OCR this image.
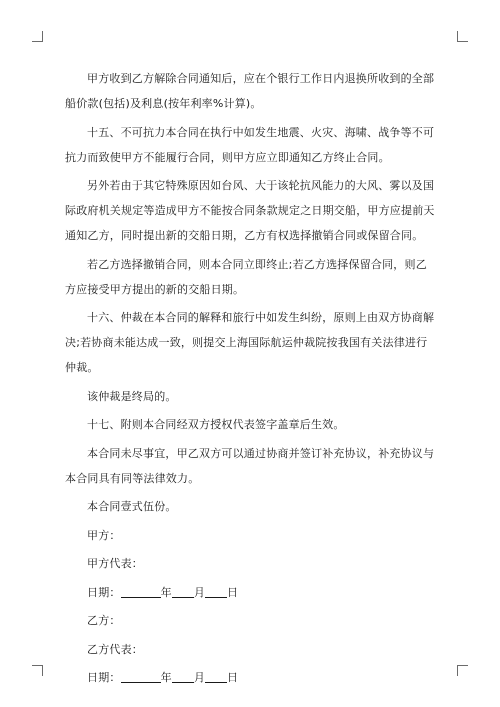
甲方收到乙方解除合同通知后，应在个银行工作日内退换所收到的全部船价款(包括)及利息(按年利率%计算)。

十五、不可抗力本合同在执行中如发生地震、火灾、海啸、战争等不可抗力而致使甲方不能履行合同，则甲方应立即通知乙方终止合同。

另外若由于其它特殊原因如台风、大于该轮抗风能力的大风、雾以及国际政府机关规定等造成甲方不能按合同条款规定之日期交船，甲方应提前天通知乙方，同时提出新的交船日期，乙方有权选择撤销合同或保留合同。

若乙方选择撤销合同，则本合同立即终止;若乙方选择保留合同，则乙方应接受甲方提出的新的交船日期。

十六、仲裁在本合同的解释和旅行中如发生纠纷，原则上由双方协商解决;若协商未能达成一致，则提交上海国际航运仲裁院按我国有关法律进行仲裁。

该仲裁是终局的。

十七、附则本合同经双方授权代表签字盖章后生效。

本合同未尽事宜，甲乙双方可以通过协商并签订补充协议，补充协议与本合同具有同等法律效力。

本合同壹式伍份。

甲方：
甲方代表：
日期：	年 月 日
乙方：
乙方代表：
日期：	年 月 日
